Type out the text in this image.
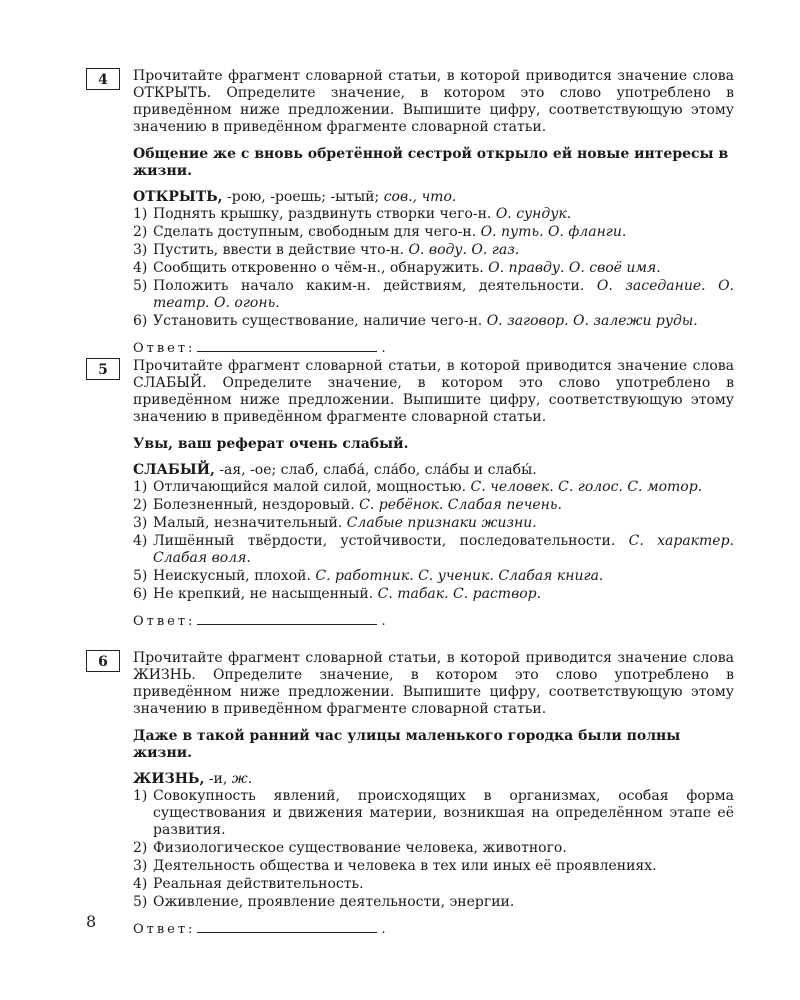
4	Прочитайте фрагмент словарной статьи, в которой приводится значение слова ОТКРЫТЬ. Определите значение, в котором это слово употреблено в приведённом ниже предложении. Выпишите цифру, соответствующую этому значению в приведённом фрагменте словарной статьи.

Общение же с вновь обретённой сестрой открыло ей новые интересы в жизни.

ОТКРЫТЬ, -рою, -роешь; -ытый; сов., что.

1) Поднять крышку, раздвинуть створки чего-н. О. сундук.
2) Сделать доступным, свободным для чего-н. О. путь. О. фланги.
3) Пустить, ввести в действие что-н. О. воду. О. газ.
4) Сообщить откровенно о чём-н., обнаружить. О. правду. О. своё имя.
5) Положить начало каким-н. действиям, деятельности. О. заседание. О. театр. О. огонь.
6) Установить существование, наличие чего-н. О. заговор. О. залежи руды.
Ответ:	.
5	Прочитайте фрагмент словарной статьи, в которой приводится значение слова СЛАБЫЙ. Определите значение, в котором это слово употреблено в приведённом ниже предложении. Выпишите цифру, соответствующую этому значению в приведённом фрагменте словарной статьи.

Увы, ваш реферат очень слабый.

СЛАБЫЙ, -ая, -ое; слаб, слаба́, сла́бо, сла́бы и слабы́.

1) Отличающийся малой силой, мощностью. С. человек. С. голос. С. мотор.
2) Болезненный, нездоровый. С. ребёнок. Слабая печень.
3) Малый, незначительный. Слабые признаки жизни.
4) Лишённый твёрдости, устойчивости, последовательности. С. характер. Слабая воля.
5) Неискусный, плохой. С. работник. С. ученик. Слабая книга.
6) Не крепкий, не насыщенный. С. табак. С. раствор.
Ответ:	.
6	Прочитайте фрагмент словарной статьи, в которой приводится значение слова ЖИЗНЬ. Определите значение, в котором это слово употреблено в приведённом ниже предложении. Выпишите цифру, соответствующую этому значению в приведённом фрагменте словарной статьи.

Даже в такой ранний час улицы маленького городка были полны жизни.

ЖИЗНЬ, -и, ж.

1) Совокупность явлений, происходящих в организмах, особая форма существования и движения материи, возникшая на определённом этапе её развития.
2) Физиологическое существование человека, животного.
3) Деятельность общества и человека в тех или иных её проявлениях.
4) Реальная действительность.
5) Оживление, проявление деятельности, энергии.
Ответ:	.
8
